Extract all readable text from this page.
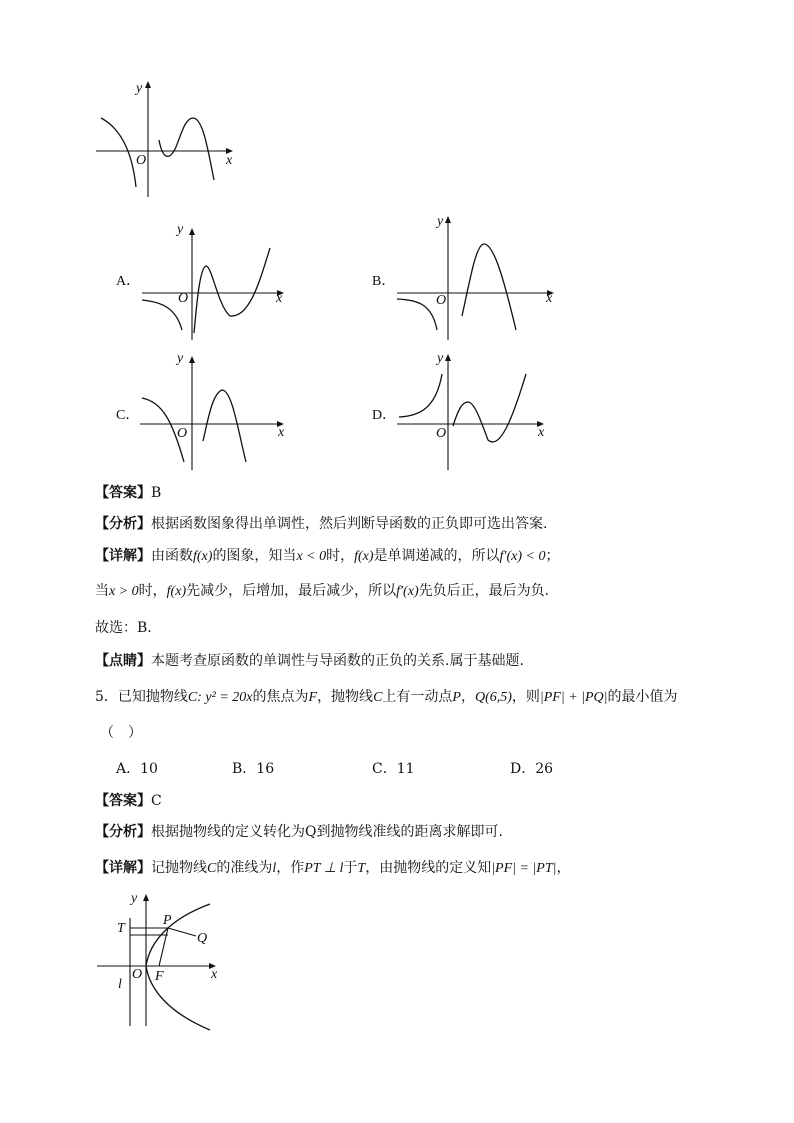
y
x
O
y
x
O
y
x
O
y
x
O
y
x
O
y
x
O
T
P
Q
l
F
A．	B．
C．	D．
【答案】B
【分析】根据函数图象得出单调性，然后判断导函数的正负即可选出答案.
【详解】由函数f(x)的图象，知当x < 0时，f(x)是单调递减的，所以f′(x) < 0；
当x > 0时，f(x)先减少，后增加，最后减少，所以f′(x)先负后正，最后为负.
故选：B.
【点睛】本题考查原函数的单调性与导函数的正负的关系.属于基础题.
5．已知抛物线C: y² = 20x的焦点为F，抛物线C上有一动点P，Q(6,5)，则|PF| + |PQ|的最小值为
（　）
A．10	B．16	C．11	D．26
【答案】C
【分析】根据抛物线的定义转化为Q到抛物线准线的距离求解即可.
【详解】记抛物线C的准线为l，作PT ⊥ l于T，由抛物线的定义知|PF| = |PT|，
